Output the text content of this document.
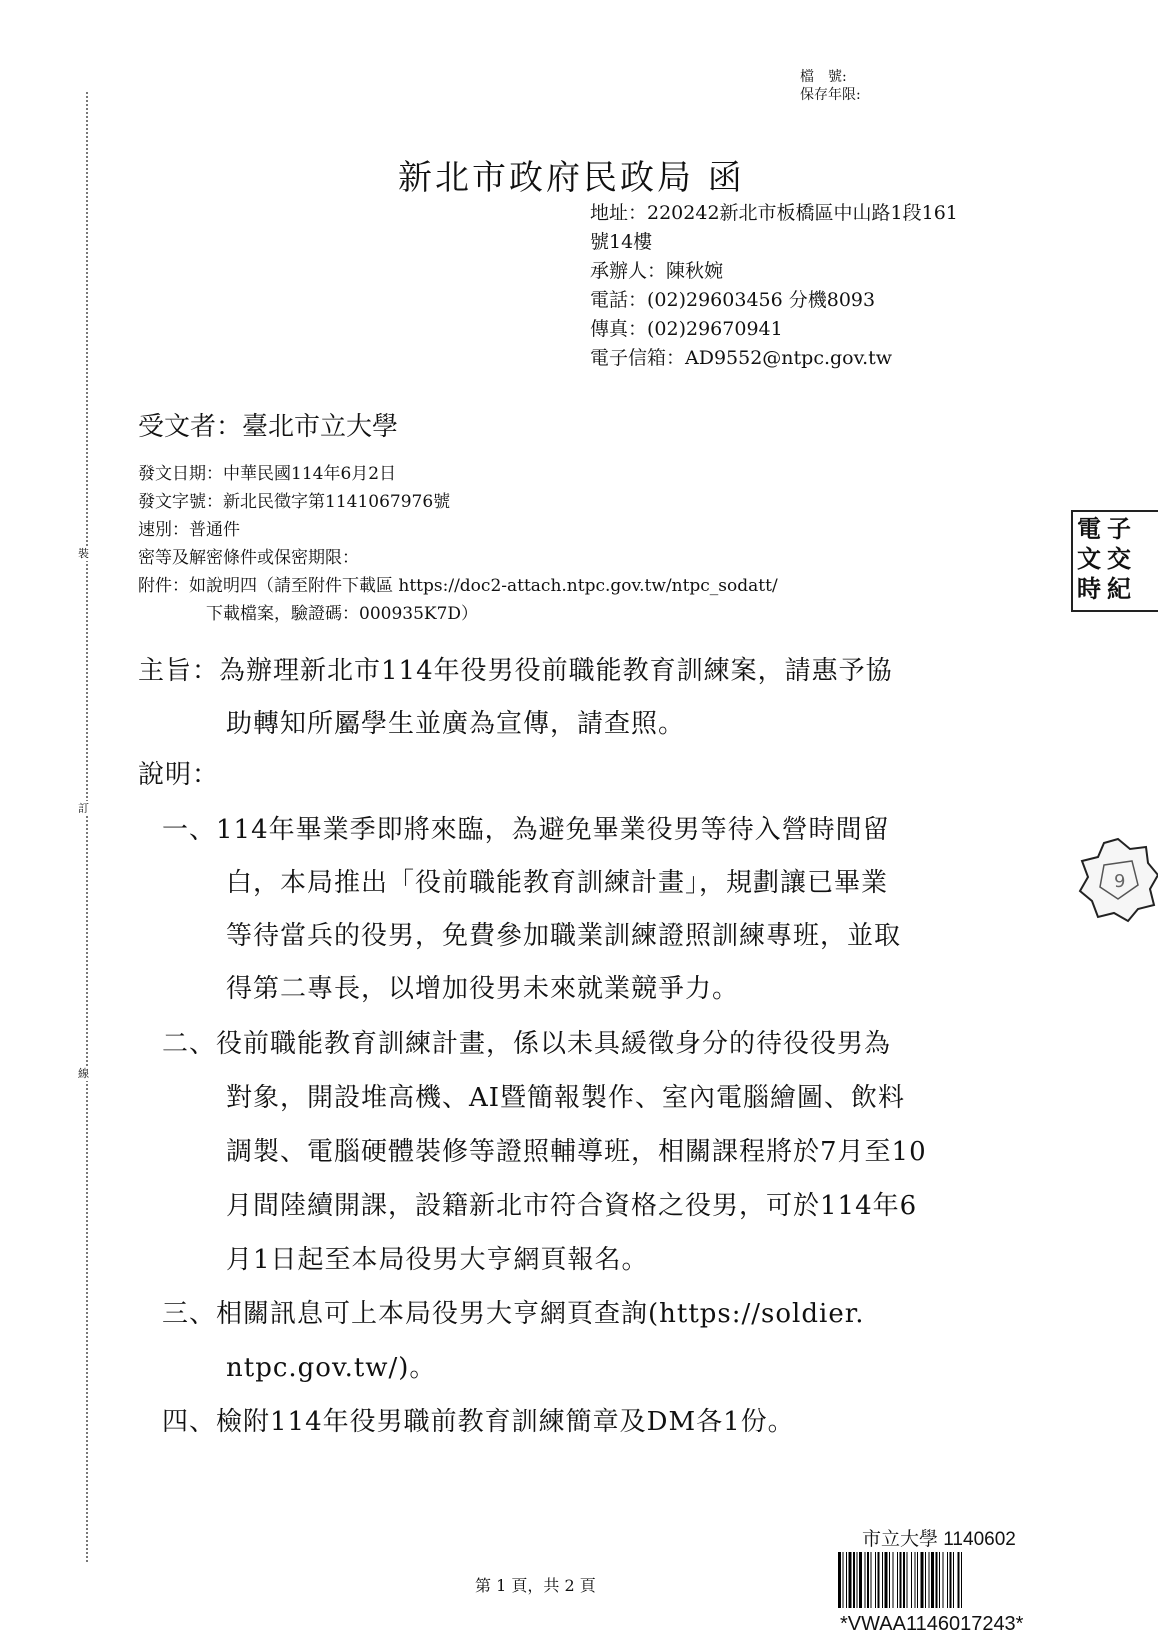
裝
訂
線
檔　號:
保存年限:
新北市政府民政局 函
地址：220242新北市板橋區中山路1段161
號14樓
承辦人：陳秋婉
電話：(02)29603456 分機8093
傳真：(02)29670941
電子信箱：AD9552@ntpc.gov.tw
受文者：臺北市立大學
發文日期：中華民國114年6月2日
發文字號：新北民徵字第1141067976號
速別：普通件
密等及解密條件或保密期限：
附件：如說明四（請至附件下載區 https://doc2-attach.ntpc.gov.tw/ntpc_sodatt/
下載檔案，驗證碼：000935K7D）
主旨：為辦理新北市114年役男役前職能教育訓練案，請惠予協
助轉知所屬學生並廣為宣傳，請查照。
說明：
一、114年畢業季即將來臨，為避免畢業役男等待入營時間留
白，本局推出「役前職能教育訓練計畫」，規劃讓已畢業
等待當兵的役男，免費參加職業訓練證照訓練專班，並取
得第二專長，以增加役男未來就業競爭力。
二、役前職能教育訓練計畫，係以未具緩徵身分的待役役男為
對象，開設堆高機、AI暨簡報製作、室內電腦繪圖、飲料
調製、電腦硬體裝修等證照輔導班，相關課程將於7月至10
月間陸續開課，設籍新北市符合資格之役男，可於114年6
月1日起至本局役男大亨網頁報名。
三、相關訊息可上本局役男大亨網頁查詢(https://soldier.
ntpc.gov.tw/)。
四、檢附114年役男職前教育訓練簡章及DM各1份。
電文時
子交紀
9
市立大學 1140602
*VWAA1146017243*
第 1 頁，共 2 頁
